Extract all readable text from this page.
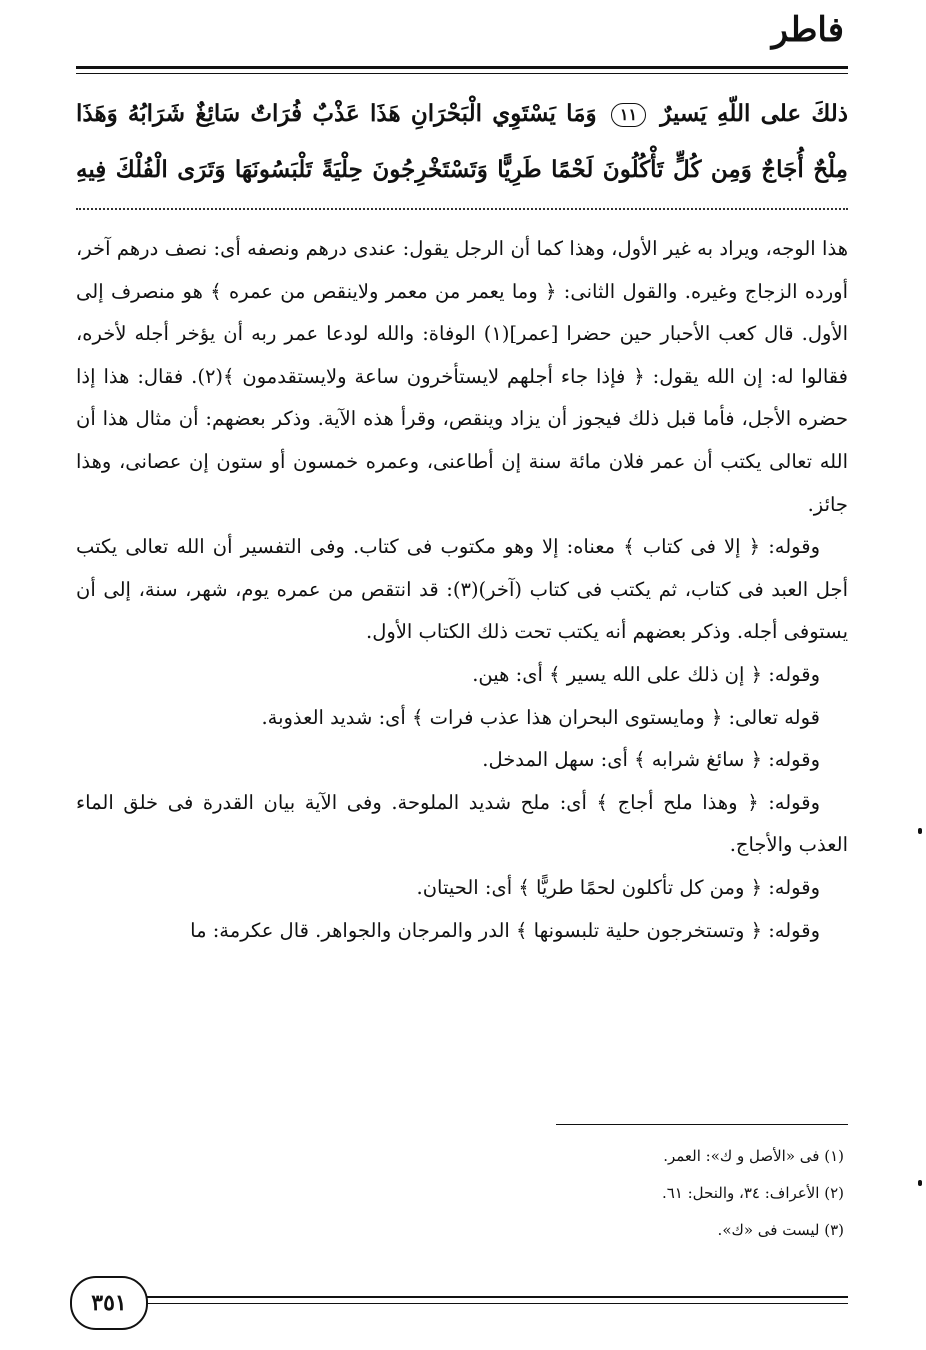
فاطر
ذلكَ على اللّهِ يَسيرٌ ١١ وَمَا يَسْتَوِي الْبَحْرَانِ هَذَا عَذْبٌ فُرَاتٌ سَائِغٌ شَرَابُهُ وَهَذَا
مِلْحٌ أُجَاجٌ وَمِن كُلٍّ تَأْكُلُونَ لَحْمًا طَرِيًّا وَتَسْتَخْرِجُونَ حِلْيَةً تَلْبَسُونَهَا وَتَرَى الْفُلْكَ فِيهِ

هذا الوجه، ويراد به غير الأول، وهذا كما أن الرجل يقول: عندى درهم ونصفه أى: نصف درهم آخر، أورده الزجاج وغيره. والقول الثانى: ﴿ وما يعمر من معمر ولاينقص من عمره ﴾ هو منصرف إلى الأول. قال كعب الأحبار حين حضرا [عمر](١) الوفاة: والله لودعا عمر ربه أن يؤخر أجله لأخره، فقالوا له: إن الله يقول: ﴿ فإذا جاء أجلهم لايستأخرون ساعة ولايستقدمون ﴾(٢). فقال: هذا إذا حضره الأجل، فأما قبل ذلك فيجوز أن يزاد وينقص، وقرأ هذه الآية. وذكر بعضهم: أن مثال هذا أن الله تعالى يكتب أن عمر فلان مائة سنة إن أطاعنى، وعمره خمسون أو ستون إن عصانى، وهذا جائز.

وقوله: ﴿ إلا فى كتاب ﴾ معناه: إلا وهو مكتوب فى كتاب. وفى التفسير أن الله تعالى يكتب أجل العبد فى كتاب، ثم يكتب فى كتاب (آخر)(٣): قد انتقص من عمره يوم، شهر، سنة، إلى أن يستوفى أجله. وذكر بعضهم أنه يكتب تحت ذلك الكتاب الأول.

وقوله: ﴿ إن ذلك على الله يسير ﴾ أى: هين.

قوله تعالى: ﴿ ومايستوى البحران هذا عذب فرات ﴾ أى: شديد العذوبة.

وقوله: ﴿ سائغ شرابه ﴾ أى: سهل المدخل.

وقوله: ﴿ وهذا ملح أجاج ﴾ أى: ملح شديد الملوحة. وفى الآية بيان القدرة فى خلق الماء العذب والأجاج.

وقوله: ﴿ ومن كل تأكلون لحمًا طريًّا ﴾ أى: الحيتان.

وقوله: ﴿ وتستخرجون حلية تلبسونها ﴾ الدر والمرجان والجواهر. قال عكرمة: ما

(١) فى «الأصل و ك»: العمر.
(٢) الأعراف: ٣٤، والنحل: ٦١.
(٣) ليست فى «ك».
٣٥١
